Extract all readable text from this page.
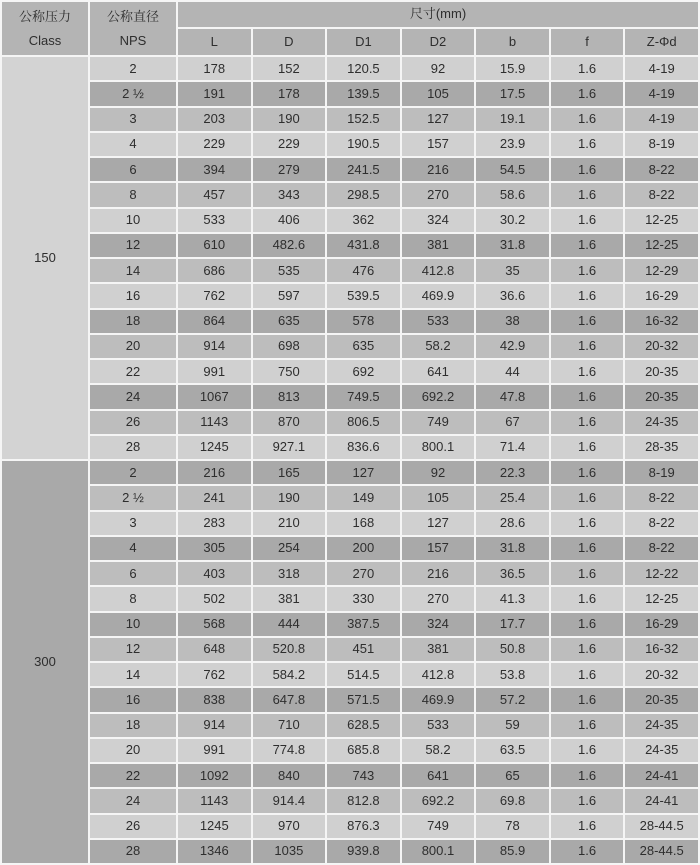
公称压力
Class

公称直径
NPS
	尺寸(mm)
		L	D	D1	D2	b	f	Z-Φd
150	2	178	152	120.5	92	15.9	1.6	4-19
	2 ½	191	178	139.5	105	17.5	1.6	4-19
	3	203	190	152.5	127	19.1	1.6	4-19
	4	229	229	190.5	157	23.9	1.6	8-19
	6	394	279	241.5	216	54.5	1.6	8-22
	8	457	343	298.5	270	58.6	1.6	8-22
	10	533	406	362	324	30.2	1.6	12-25
	12	610	482.6	431.8	381	31.8	1.6	12-25
	14	686	535	476	412.8	35	1.6	12-29
	16	762	597	539.5	469.9	36.6	1.6	16-29
	18	864	635	578	533	38	1.6	16-32
	20	914	698	635	58.2	42.9	1.6	20-32
	22	991	750	692	641	44	1.6	20-35
	24	1067	813	749.5	692.2	47.8	1.6	20-35
	26	1143	870	806.5	749	67	1.6	24-35
	28	1245	927.1	836.6	800.1	71.4	1.6	28-35
300	2	216	165	127	92	22.3	1.6	8-19
	2 ½	241	190	149	105	25.4	1.6	8-22
	3	283	210	168	127	28.6	1.6	8-22
	4	305	254	200	157	31.8	1.6	8-22
	6	403	318	270	216	36.5	1.6	12-22
	8	502	381	330	270	41.3	1.6	12-25
	10	568	444	387.5	324	17.7	1.6	16-29
	12	648	520.8	451	381	50.8	1.6	16-32
	14	762	584.2	514.5	412.8	53.8	1.6	20-32
	16	838	647.8	571.5	469.9	57.2	1.6	20-35
	18	914	710	628.5	533	59	1.6	24-35
	20	991	774.8	685.8	58.2	63.5	1.6	24-35
	22	1092	840	743	641	65	1.6	24-41
	24	1143	914.4	812.8	692.2	69.8	1.6	24-41
	26	1245	970	876.3	749	78	1.6	28-44.5
	28	1346	1035	939.8	800.1	85.9	1.6	28-44.5
